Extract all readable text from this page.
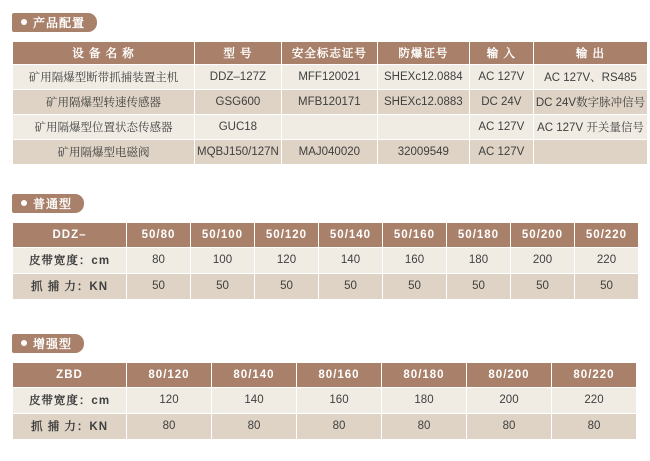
产品配置
设 备 名 称	型 号	安全标志证号	防爆证号	输 入	输 出
矿用隔爆型断带抓捕装置主机	DDZ–127Z	MFF120021	SHEXc12.0884	AC 127V	AC 127V、RS485
矿用隔爆型转速传感器	GSG600	MFB120171	SHEXc12.0883	DC 24V	DC 24V数字脉冲信号
矿用隔爆型位置状态传感器	GUC18			AC 127V	AC 127V 开关量信号
矿用隔爆型电磁阀	MQBJ150/127N	MAJ040020	32009549	AC 127V	
普通型
DDZ–	50/80	50/100	50/120	50/140	50/160	50/180	50/200	50/220
皮带宽度：cm	80	100	120	140	160	180	200	220
抓 捕 力：KN	50	50	50	50	50	50	50	50
增强型
ZBD	80/120	80/140	80/160	80/180	80/200	80/220
皮带宽度：cm	120	140	160	180	200	220
抓 捕 力：KN	80	80	80	80	80	80
